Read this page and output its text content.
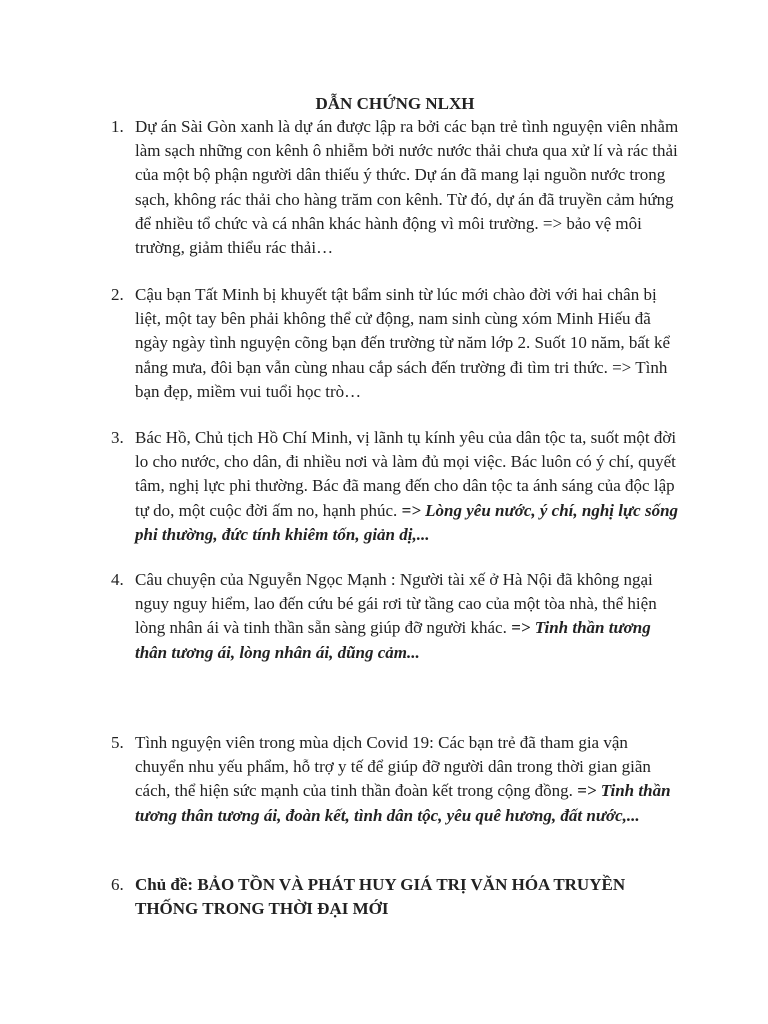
DẪN CHỨNG NLXH
1. Dự án Sài Gòn xanh là dự án được lập ra bởi các bạn trẻ tình nguyện viên nhằm làm sạch những con kênh ô nhiễm bởi nước nước thải chưa qua xử lí và rác thải của một bộ phận người dân thiếu ý thức. Dự án đã mang lại nguồn nước trong sạch, không rác thải cho hàng trăm con kênh. Từ đó, dự án đã truyền cảm hứng để nhiều tổ chức và cá nhân khác hành động vì môi trường. => bảo vệ môi trường, giảm thiểu rác thải…
2. Cậu bạn Tất Minh bị khuyết tật bẩm sinh từ lúc mới chào đời với hai chân bị liệt, một tay bên phải không thể cử động, nam sinh cùng xóm Minh Hiếu đã ngày ngày tình nguyện cõng bạn đến trường từ năm lớp 2. Suốt 10 năm, bất kể nắng mưa, đôi bạn vẫn cùng nhau cắp sách đến trường đi tìm tri thức. => Tình bạn đẹp, miềm vui tuổi học trò…
3. Bác Hồ, Chủ tịch Hồ Chí Minh, vị lãnh tụ kính yêu của dân tộc ta, suốt một đời lo cho nước, cho dân, đi nhiều nơi và làm đủ mọi việc. Bác luôn có ý chí, quyết tâm, nghị lực phi thường. Bác đã mang đến cho dân tộc ta ánh sáng của độc lập tự do, một cuộc đời ấm no, hạnh phúc. => Lòng yêu nước, ý chí, nghị lực sống phi thường, đức tính khiêm tốn, giản dị,...
4. Câu chuyện của Nguyễn Ngọc Mạnh : Người tài xế ở Hà Nội đã không ngại nguy nguy hiểm, lao đến cứu bé gái rơi từ tầng cao của một tòa nhà, thể hiện lòng nhân ái và tinh thần sẵn sàng giúp đỡ người khác. => Tinh thần tương thân tương ái, lòng nhân ái, dũng cảm...
5. Tình nguyện viên trong mùa dịch Covid 19: Các bạn trẻ đã tham gia vận chuyển nhu yếu phẩm, hỗ trợ y tế để giúp đỡ người dân trong thời gian giãn cách, thể hiện sức mạnh của tinh thần đoàn kết trong cộng đồng. => Tinh thần tương thân tương ái, đoàn kết, tình dân tộc, yêu quê hương, đất nước,...
6. Chủ đề: BẢO TỒN VÀ PHÁT HUY GIÁ TRỊ VĂN HÓA TRUYỀN THỐNG TRONG THỜI ĐẠI MỚI
